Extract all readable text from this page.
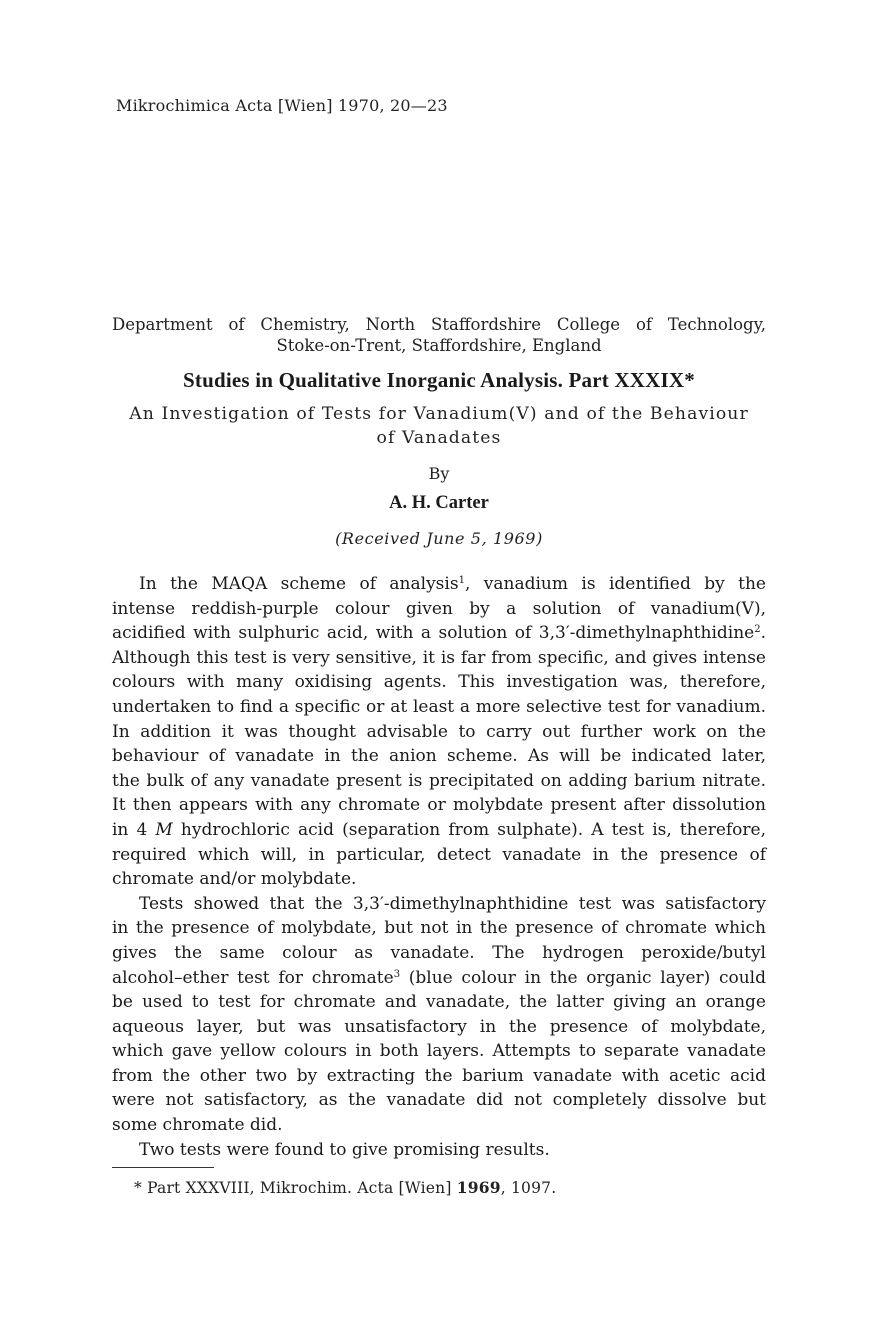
Mikrochimica Acta [Wien] 1970, 20—23
Department of Chemistry, North Staffordshire College of Technology,
Stoke-on-Trent, Staffordshire, England
Studies in Qualitative Inorganic Analysis. Part XXXIX*
An Investigation of Tests for Vanadium(V) and of the Behaviour
of Vanadates
By
A. H. Carter
(Received June 5, 1969)

In the MAQA scheme of analysis$^1$, vanadium is identified by the
intense reddish-purple colour given by a solution of vanadium(V),
acidified with sulphuric acid, with a solution of 3,3′-dimethylnaphthidine$^2$.
Although this test is very sensitive, it is far from specific, and gives intense
colours with many oxidising agents. This investigation was, therefore,
undertaken to find a specific or at least a more selective test for vanadium.
In addition it was thought advisable to carry out further work on the
behaviour of vanadate in the anion scheme. As will be indicated later,
the bulk of any vanadate present is precipitated on adding barium nitrate.
It then appears with any chromate or molybdate present after dissolution
in 4 M hydrochloric acid (separation from sulphate). A test is, therefore,
required which will, in particular, detect vanadate in the presence of
chromate and/or molybdate.

Tests showed that the 3,3′-dimethylnaphthidine test was satisfactory
in the presence of molybdate, but not in the presence of chromate which
gives the same colour as vanadate. The hydrogen peroxide/butyl
alcohol–ether test for chromate$^3$ (blue colour in the organic layer) could
be used to test for chromate and vanadate, the latter giving an orange
aqueous layer, but was unsatisfactory in the presence of molybdate,
which gave yellow colours in both layers. Attempts to separate vanadate
from the other two by extracting the barium vanadate with acetic acid
were not satisfactory, as the vanadate did not completely dissolve but
some chromate did.

Two tests were found to give promising results.

* Part XXXVIII, Mikrochim. Acta [Wien] 1969, 1097.
